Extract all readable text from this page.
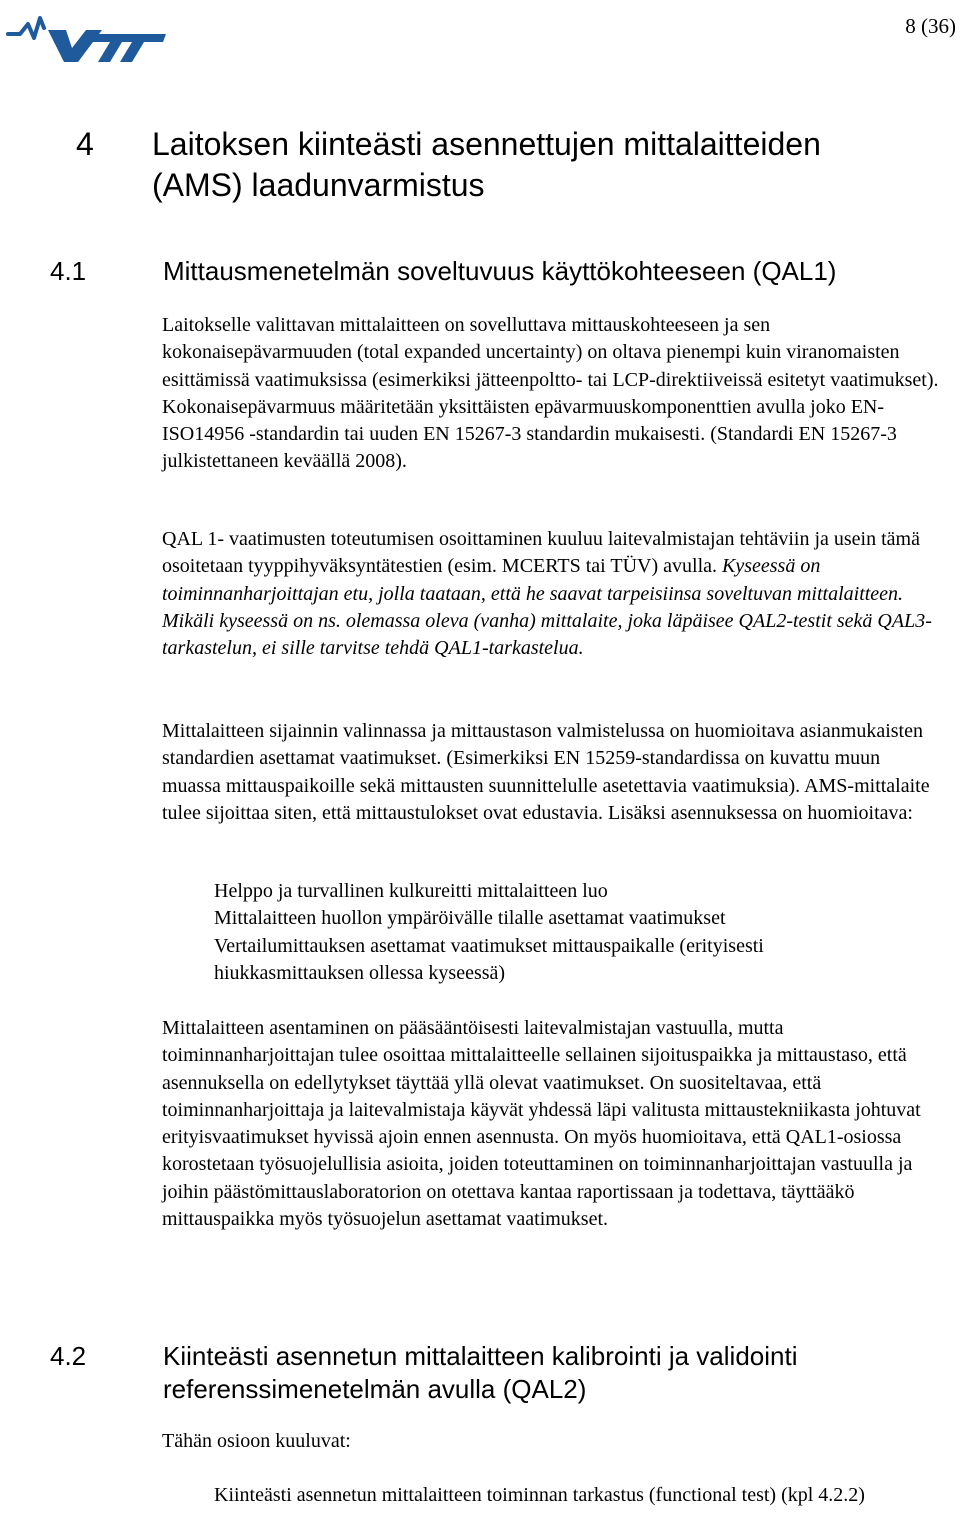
8 (36)
4	Laitoksen kiinteästi asennettujen mittalaitteiden (AMS) laadunvarmistus
4.1	Mittausmenetelmän soveltuvuus käyttökohteeseen (QAL1)
Laitokselle valittavan mittalaitteen on sovelluttava mittauskohteeseen ja sen kokonaisepävarmuuden (total expanded uncertainty) on oltava pienempi kuin viranomaisten esittämissä vaatimuksissa (esimerkiksi jätteenpoltto- tai LCP-direktiiveissä esitetyt vaatimukset). Kokonaisepävarmuus määritetään yksittäisten epävarmuuskomponenttien avulla joko EN-ISO14956 -standardin tai uuden EN 15267-3 standardin mukaisesti. (Standardi EN 15267-3 julkistettaneen keväällä 2008).
QAL 1- vaatimusten toteutumisen osoittaminen kuuluu laitevalmistajan tehtäviin ja usein tämä osoitetaan tyyppihyväksyntätestien (esim. MCERTS tai TÜV) avulla. Kyseessä on toiminnanharjoittajan etu, jolla taataan, että he saavat tarpeisiinsa soveltuvan mittalaitteen. Mikäli kyseessä on ns. olemassa oleva (vanha) mittalaite, joka läpäisee QAL2-testit sekä QAL3-tarkastelun, ei sille tarvitse tehdä QAL1-tarkastelua.
Mittalaitteen sijainnin valinnassa ja mittaustason valmistelussa on huomioitava asianmukaisten standardien asettamat vaatimukset. (Esimerkiksi EN 15259-standardissa on kuvattu muun muassa mittauspaikoille sekä mittausten suunnittelulle asetettavia vaatimuksia). AMS-mittalaite tulee sijoittaa siten, että mittaustulokset ovat edustavia. Lisäksi asennuksessa on huomioitava:
Helppo ja turvallinen kulkureitti mittalaitteen luo
Mittalaitteen huollon ympäröivälle tilalle asettamat vaatimukset
Vertailumittauksen asettamat vaatimukset mittauspaikalle (erityisesti hiukkasmittauksen ollessa kyseessä)
Mittalaitteen asentaminen on pääsääntöisesti laitevalmistajan vastuulla, mutta toiminnanharjoittajan tulee osoittaa mittalaitteelle sellainen sijoituspaikka ja mittaustaso, että asennuksella on edellytykset täyttää yllä olevat vaatimukset. On suositeltavaa, että toiminnanharjoittaja ja laitevalmistaja käyvät yhdessä läpi valitusta mittaustekniikasta johtuvat erityisvaatimukset hyvissä ajoin ennen asennusta. On myös huomioitava, että QAL1-osiossa korostetaan työsuojelullisia asioita, joiden toteuttaminen on toiminnanharjoittajan vastuulla ja joihin päästömittauslaboratorion on otettava kantaa raportissaan ja todettava, täyttääkö mittauspaikka myös työsuojelun asettamat vaatimukset.
4.2	Kiinteästi asennetun mittalaitteen kalibrointi ja validointi referenssimenetelmän avulla (QAL2)
Tähän osioon kuuluvat:
Kiinteästi asennetun mittalaitteen toiminnan tarkastus (functional test) (kpl 4.2.2)
